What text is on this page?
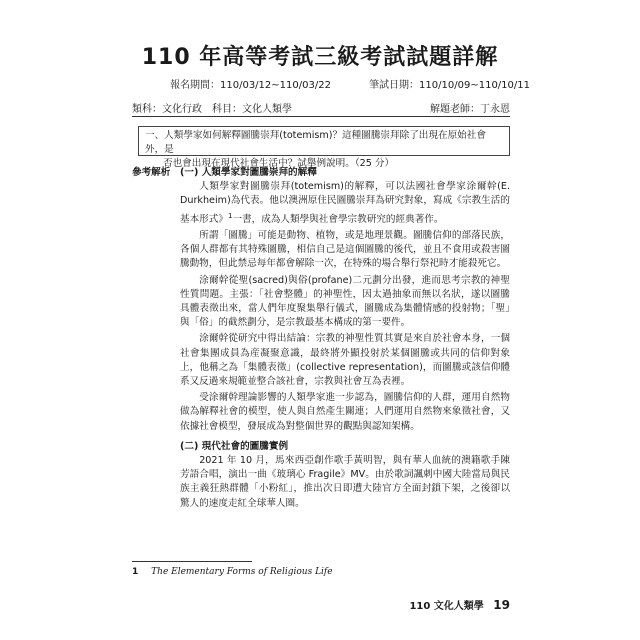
110 年高等考試三級考試試題詳解
報名期間：110/03/12~110/03/22	筆試日期：110/10/09~110/10/11
類科：文化行政　科目：文化人類學	解題老師：丁永恩
一、人類學家如何解釋圖騰崇拜(totemism)？這種圖騰崇拜除了出現在原始社會外，是
否也會出現在現代社會生活中？試舉例說明。（25 分）
參考解析 (一) 人類學家對圖騰崇拜的解釋

人類學家對圖騰崇拜(totemism)的解釋，可以法國社會學家涂爾幹(E. Durkheim)為代表。他以澳洲原住民圖騰崇拜為研究對象，寫成《宗教生活的基本形式》$^1$一書，成為人類學與社會學宗教研究的經典著作。

所謂「圖騰」可能是動物、植物，或是地理景觀。圖騰信仰的部落民族，各個人群都有其特殊圖騰，相信自己是這個圖騰的後代，並且不食用或殺害圖騰動物，但此禁忌每年都會解除一次，在特殊的場合舉行祭祀時才能殺死它。

涂爾幹從聖(sacred)與俗(profane)二元劃分出發，進而思考宗教的神聖性質問題。主張：「社會整體」的神聖性，因太過抽象而無以名狀，遂以圖騰具體表徵出來，當人們年度聚集舉行儀式，圖騰成為集體情感的投射物；「聖」與「俗」的截然劃分，是宗教最基本構成的第一要件。

涂爾幹從研究中得出結論：宗教的神聖性質其實是來自於社會本身，一個社會集團成員為産凝聚意識，最終將外顯投射於某個圖騰或共同的信仰對象上，他稱之為「集體表徵」(collective representation)，而圖騰或該信仰體系又反過來規範並整合該社會，宗教與社會互為表裡。

受涂爾幹理論影響的人類學家進一步認為，圖騰信仰的人群，運用自然物做為解釋社會的模型，使人與自然產生關連；人們運用自然物來象徵社會，又依據社會模型，發展成為對整個世界的觀點與認知架構。

(二) 現代社會的圖騰實例

2021 年 10 月，馬來西亞創作歌手黃明智，與有華人血統的澳籍歌手陳芳語合唱，演出一曲《玻璃心 Fragile》MV。由於歌詞諷刺中國大陸當局與民族主義狂熱群體「小粉紅」，推出次日即遭大陸官方全面封鎖下架，之後卻以驚人的速度走紅全球華人圈。

1 The Elementary Forms of Religious Life
110 文化人類學 19
